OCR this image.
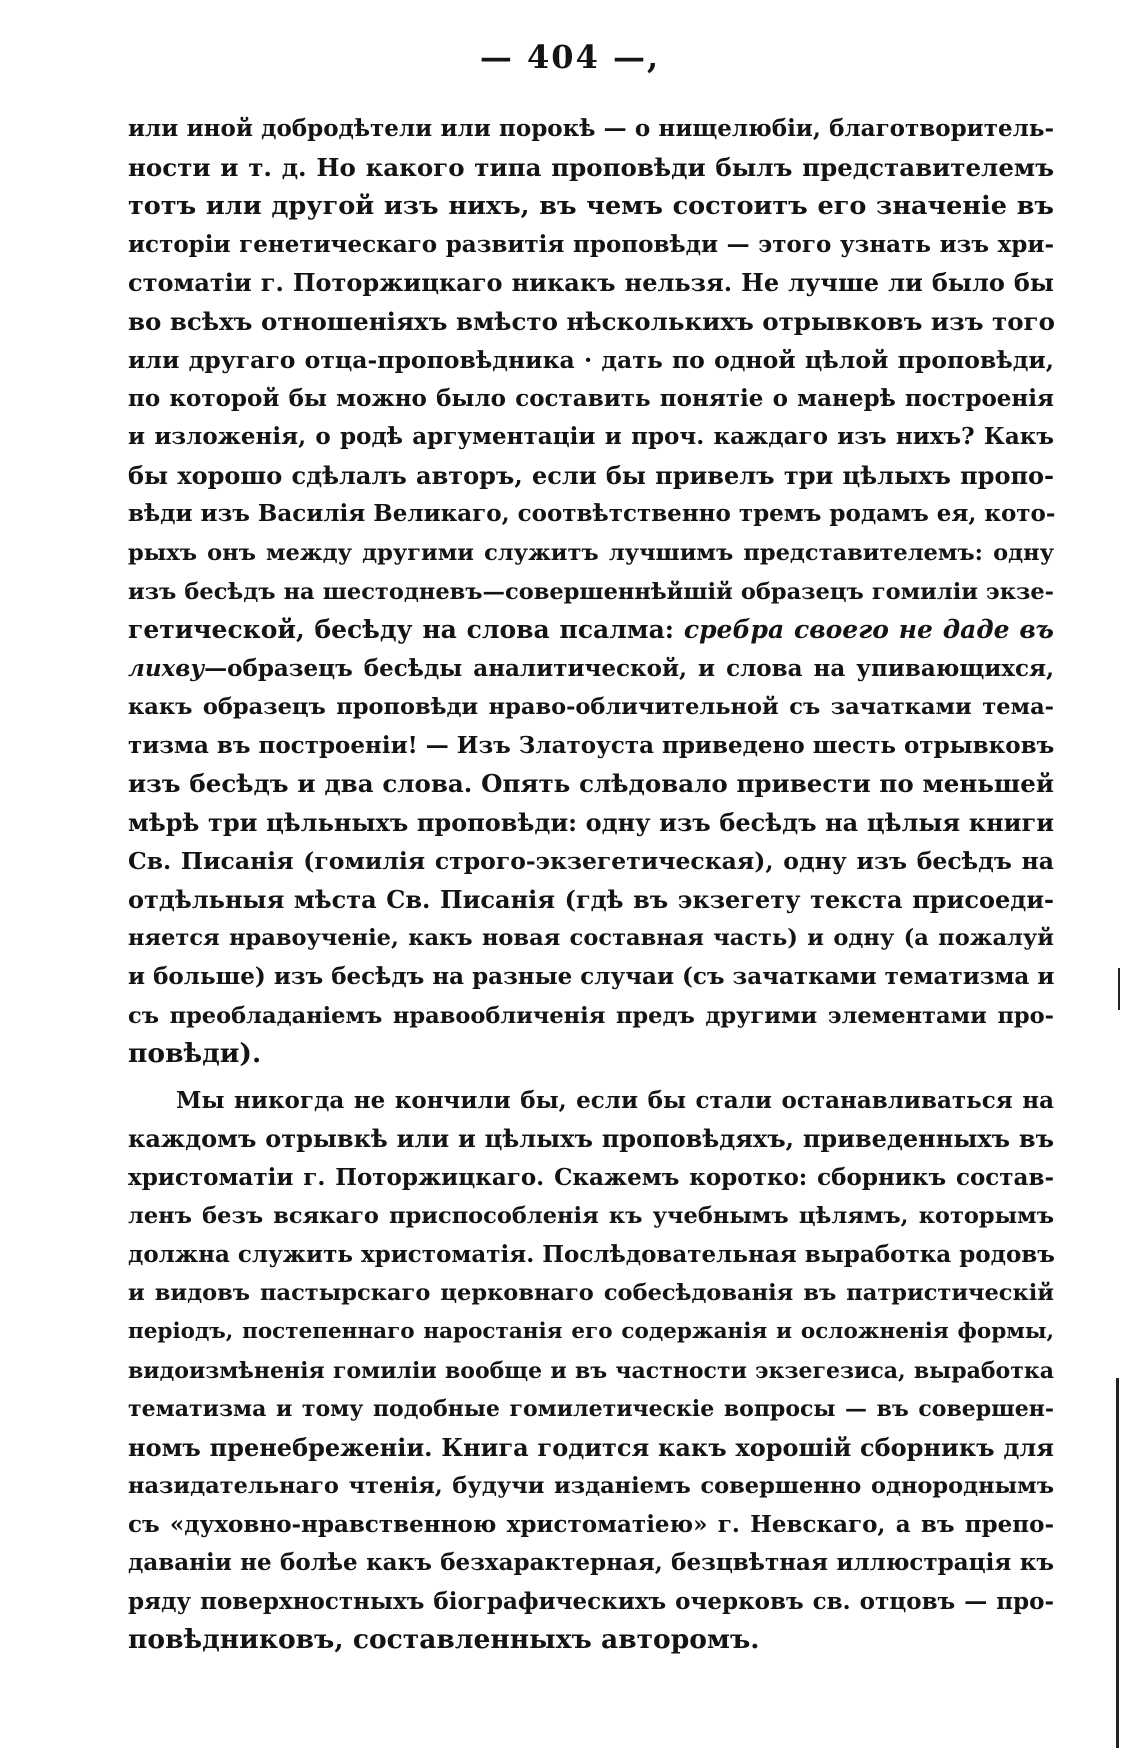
— 404 —,

или иной добродѣтели или порокѣ — о нищелюбіи, благотворитель-
ности и т. д. Но какого типа проповѣди былъ представителемъ
тотъ или другой изъ нихъ, въ чемъ состоитъ его значеніе въ
исторіи генетическаго развитія проповѣди — этого узнать изъ хри-
стоматіи г. Поторжицкаго никакъ нельзя. Не лучше ли было бы
во всѣхъ отношеніяхъ вмѣсто нѣсколькихъ отрывковъ изъ того
или другаго отца-проповѣдника · дать по одной цѣлой проповѣди,
по которой бы можно было составить понятіе о манерѣ построенія
и изложенія, о родѣ аргументаціи и проч. каждаго изъ нихъ? Какъ
бы хорошо сдѣлалъ авторъ, если бы привелъ три цѣлыхъ пропо-
вѣди изъ Василія Великаго, соотвѣтственно тремъ родамъ ея, кото-
рыхъ онъ между другими служитъ лучшимъ представителемъ: одну
изъ бесѣдъ на шестодневъ—совершеннѣйшій образецъ гомиліи экзе-
гетической, бесѣду на слова псалма: сребра своего не даде въ
лихву—образецъ бесѣды аналитической, и слова на упивающихся,
какъ образецъ проповѣди нраво-обличительной съ зачатками тема-
тизма въ построеніи! — Изъ Златоуста приведено шесть отрывковъ
изъ бесѣдъ и два слова. Опять слѣдовало привести по меньшей
мѣрѣ три цѣльныхъ проповѣди: одну изъ бесѣдъ на цѣлыя книги
Св. Писанія (гомилія строго-экзегетическая), одну изъ бесѣдъ на
отдѣльныя мѣста Св. Писанія (гдѣ въ экзегету текста присоеди-
няется нравоученіе, какъ новая составная часть) и одну (а пожалуй
и больше) изъ бесѣдъ на разные случаи (съ зачатками тематизма и
съ преобладаніемъ нравообличенія предъ другими элементами про-
повѣди).

Мы никогда не кончили бы, если бы стали останавливаться на
каждомъ отрывкѣ или и цѣлыхъ проповѣдяхъ, приведенныхъ въ
христоматіи г. Поторжицкаго. Скажемъ коротко: сборникъ состав-
ленъ безъ всякаго приспособленія къ учебнымъ цѣлямъ, которымъ
должна служить христоматія. Послѣдовательная выработка родовъ
и видовъ пастырскаго церковнаго собесѣдованія въ патристическій
періодъ, постепеннаго наростанія его содержанія и осложненія формы,
видоизмѣненія гомиліи вообще и въ частности экзегезиса, выработка
тематизма и тому подобные гомилетическіе вопросы — въ совершен-
номъ пренебреженіи. Книга годится какъ хорошій сборникъ для
назидательнаго чтенія, будучи изданіемъ совершенно однороднымъ
съ «духовно-нравственною христоматіею» г. Невскаго, а въ препо-
даваніи не болѣе какъ безхарактерная, безцвѣтная иллюстрація къ
ряду поверхностныхъ біографическихъ очерковъ св. отцовъ — про-
повѣдниковъ, составленныхъ авторомъ.
